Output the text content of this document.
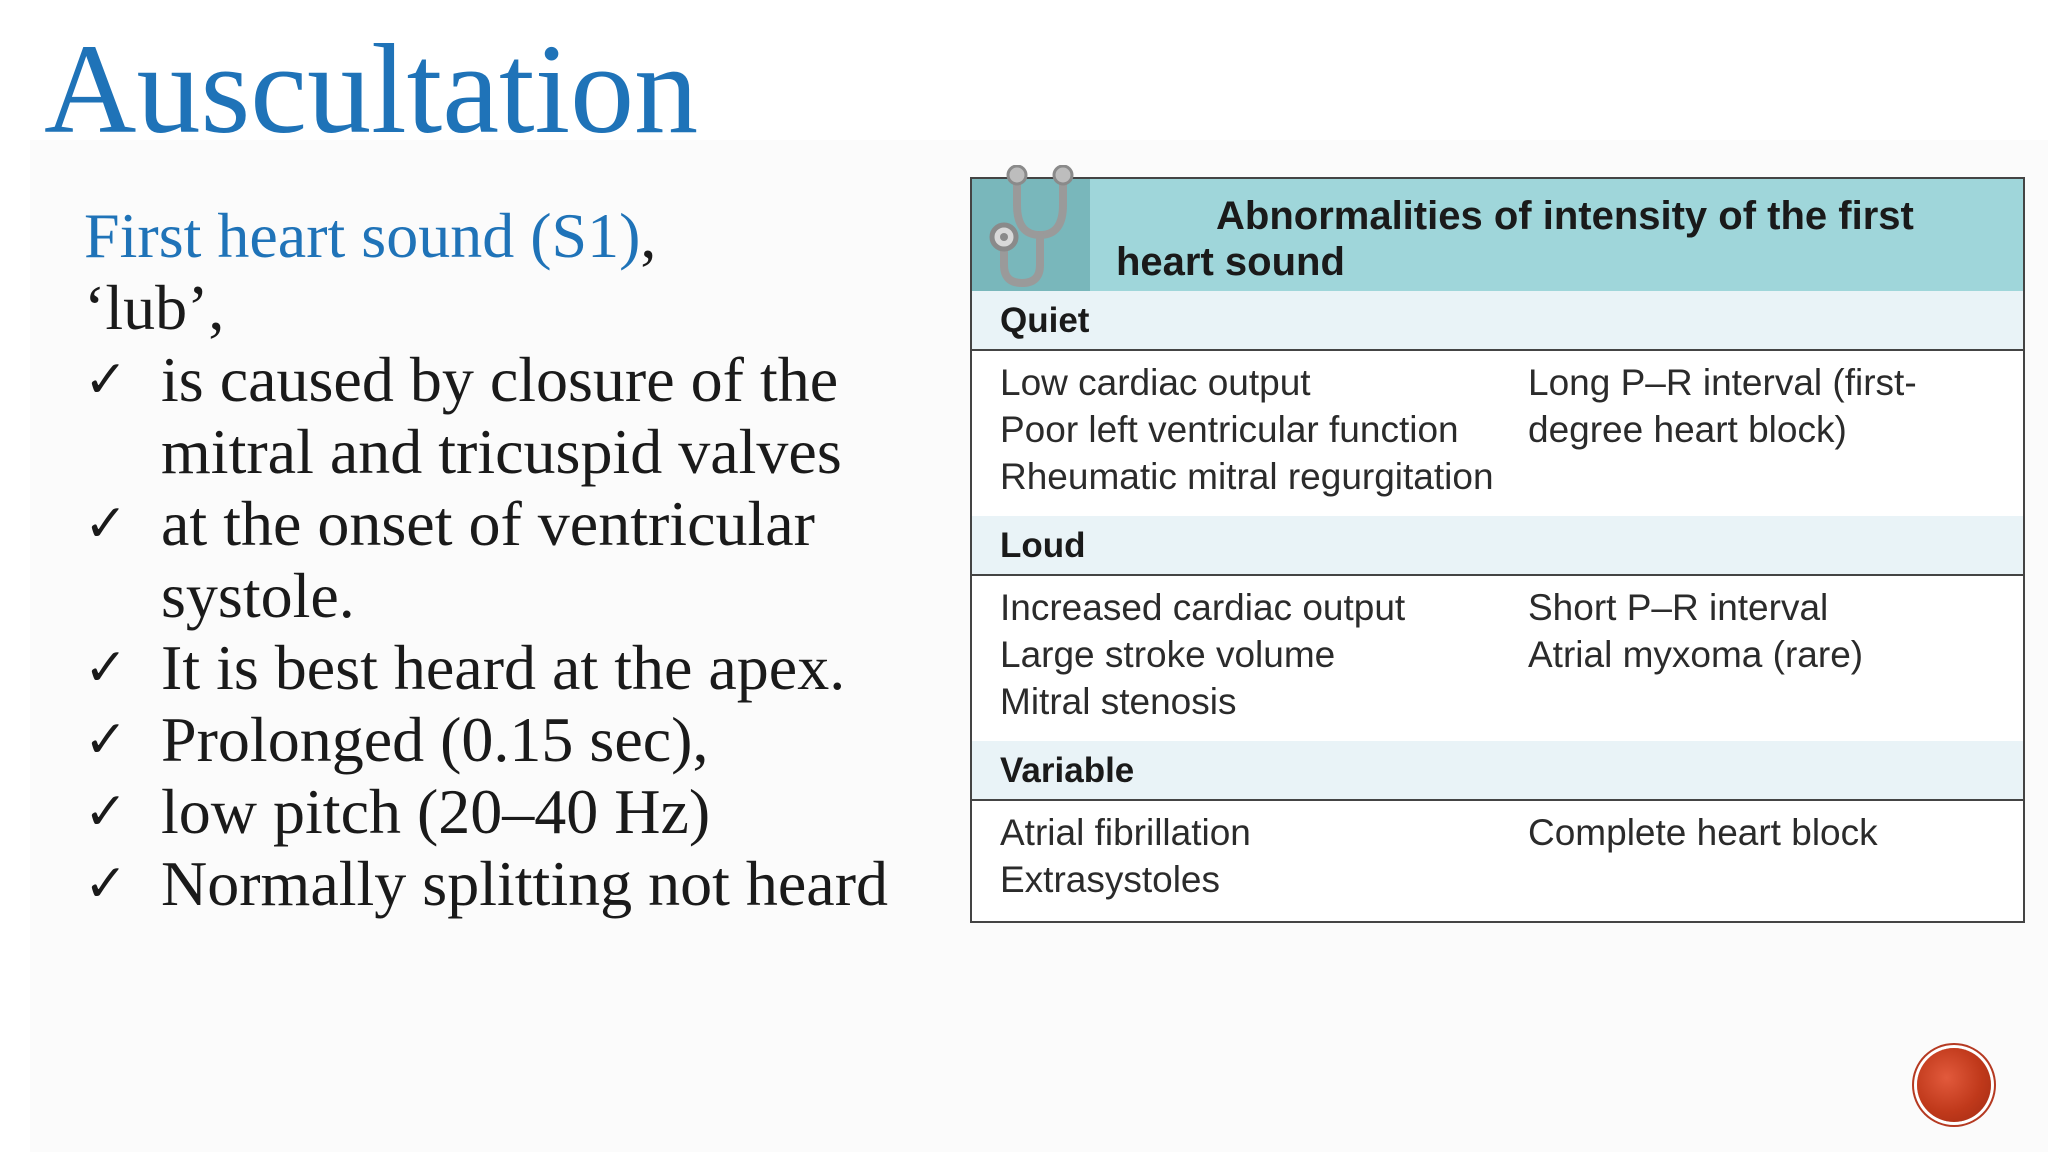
Auscultation
First heart sound (S1),
‘lub’,
✓ is caused by closure of the mitral and tricuspid valves
✓ at the onset of ventricular systole.
✓ It is best heard at the apex.
✓ Prolonged (0.15 sec),
✓ low pitch (20–40 Hz)
✓ Normally splitting not heard
Abnormalities of intensity of the first
heart sound
Quiet
Low cardiac output
Poor left ventricular function
Rheumatic mitral regurgitation
Long P–R interval (first-
degree heart block)
Loud
Increased cardiac output
Large stroke volume
Mitral stenosis
Short P–R interval
Atrial myxoma (rare)
Variable
Atrial fibrillation
Extrasystoles
Complete heart block
